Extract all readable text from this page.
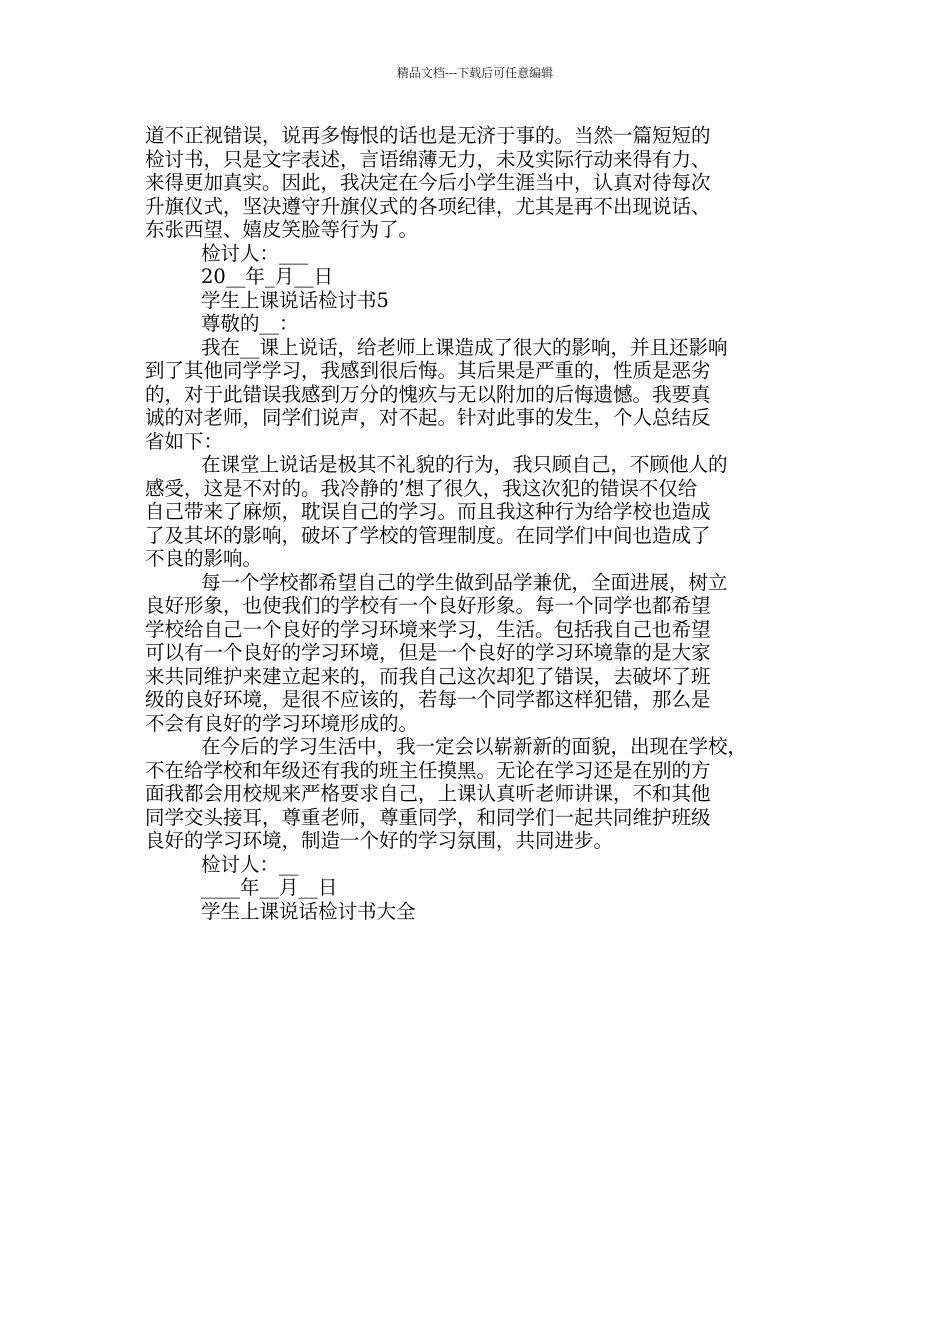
精品文档---下载后可任意编辑
道不正视错误，说再多悔恨的话也是无济于事的。当然一篇短短的
检讨书，只是文字表述，言语绵薄无力，未及实际行动来得有力、
来得更加真实。因此，我决定在今后小学生涯当中，认真对待每次
升旗仪式，坚决遵守升旗仪式的各项纪律，尤其是再不出现说话、
东张西望、嬉皮笑脸等行为了。
检讨人：___
20__年_月__日
学生上课说话检讨书5
尊敬的__：
我在__课上说话，给老师上课造成了很大的影响，并且还影响
到了其他同学学习，我感到很后悔。其后果是严重的，性质是恶劣
的，对于此错误我感到万分的愧疚与无以附加的后悔遗憾。我要真
诚的对老师，同学们说声，对不起。针对此事的发生，个人总结反
省如下：
在课堂上说话是极其不礼貌的行为，我只顾自己，不顾他人的
感受，这是不对的。我冷静的’想了很久，我这次犯的错误不仅给
自己带来了麻烦，耽误自己的学习。而且我这种行为给学校也造成
了及其坏的影响，破坏了学校的管理制度。在同学们中间也造成了
不良的影响。
每一个学校都希望自己的学生做到品学兼优，全面进展，树立
良好形象，也使我们的学校有一个良好形象。每一个同学也都希望
学校给自己一个良好的学习环境来学习，生活。包括我自己也希望
可以有一个良好的学习环境，但是一个良好的学习环境靠的是大家
来共同维护来建立起来的，而我自己这次却犯了错误，去破坏了班
级的良好环境，是很不应该的，若每一个同学都这样犯错，那么是
不会有良好的学习环境形成的。
在今后的学习生活中，我一定会以崭新新的面貌，出现在学校，
不在给学校和年级还有我的班主任摸黑。无论在学习还是在别的方
面我都会用校规来严格要求自己，上课认真听老师讲课，不和其他
同学交头接耳，尊重老师，尊重同学，和同学们一起共同维护班级
良好的学习环境，制造一个好的学习氛围，共同进步。
检讨人：__
____年__月__日
学生上课说话检讨书大全
